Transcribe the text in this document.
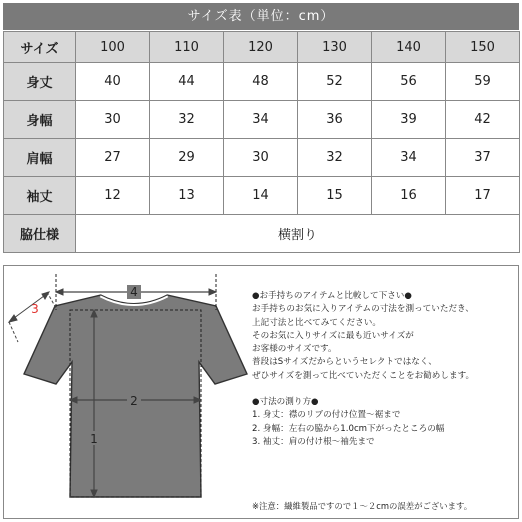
サイズ表（単位：cm）
サイズ	100	110	120	130	140	150
身丈	40	44	48	52	56	59
身幅	30	32	34	36	39	42
肩幅	27	29	30	32	34	37
袖丈	12	13	14	15	16	17
脇仕様	横割り					
4
2
1
3

●お手持ちのアイテムと比較して下さい●

お手持ちのお気に入りアイテムの寸法を測っていただき、

上記寸法と比べてみてください。

そのお気に入りサイズに最も近いサイズが

お客様のサイズです。

普段はSサイズだからというセレクトではなく、

ぜひサイズを測って比べていただくことをお勧めします。

●寸法の測り方●

1. 身丈：襟のリブの付け位置～裾まで

2. 身幅：左右の脇から1.0cm下がったところの幅

3. 袖丈：肩の付け根～袖先まで

※注意：繊維製品ですので１～２cmの誤差がございます。
